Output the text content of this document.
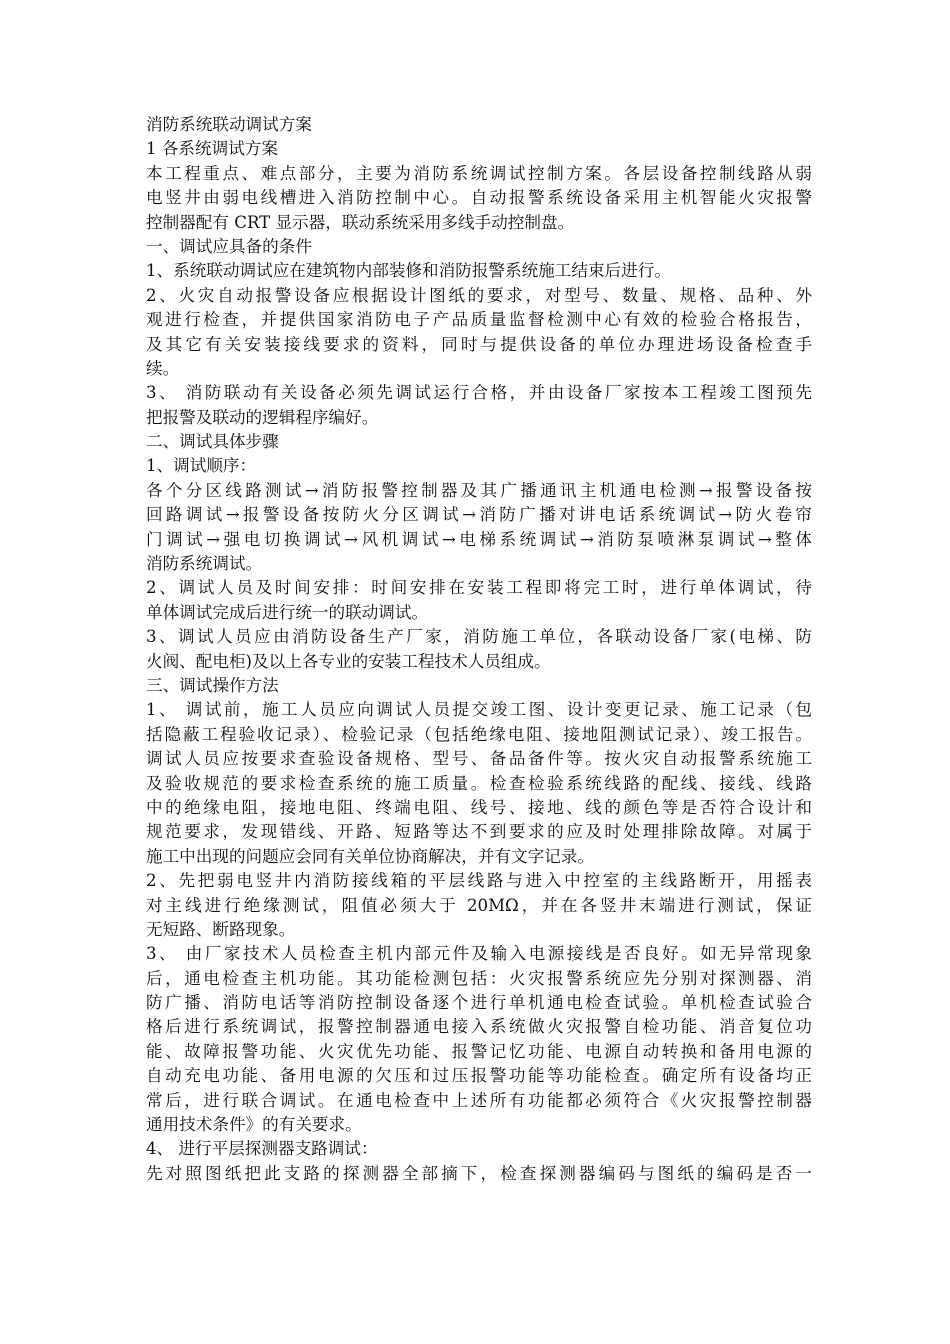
消防系统联动调试方案
1 各系统调试方案
本工程重点、难点部分，主要为消防系统调试控制方案。各层设备控制线路从弱
电竖井由弱电线槽进入消防控制中心。自动报警系统设备采用主机智能火灾报警
控制器配有 CRT 显示器，联动系统采用多线手动控制盘。
一、调试应具备的条件
1、系统联动调试应在建筑物内部装修和消防报警系统施工结束后进行。
2、火灾自动报警设备应根据设计图纸的要求，对型号、数量、规格、品种、外
观进行检查，并提供国家消防电子产品质量监督检测中心有效的检验合格报告，
及其它有关安装接线要求的资料，同时与提供设备的单位办理进场设备检查手
续。
3、 消防联动有关设备必须先调试运行合格，并由设备厂家按本工程竣工图预先
把报警及联动的逻辑程序编好。
二、调试具体步骤
1、调试顺序：
各个分区线路测试→消防报警控制器及其广播通讯主机通电检测→报警设备按
回路调试→报警设备按防火分区调试→消防广播对讲电话系统调试→防火卷帘
门调试→强电切换调试→风机调试→电梯系统调试→消防泵喷淋泵调试→整体
消防系统调试。
2、调试人员及时间安排：时间安排在安装工程即将完工时，进行单体调试，待
单体调试完成后进行统一的联动调试。
3、调试人员应由消防设备生产厂家，消防施工单位，各联动设备厂家(电梯、防
火阀、配电柜)及以上各专业的安装工程技术人员组成。
三、调试操作方法
1、 调试前，施工人员应向调试人员提交竣工图、设计变更记录、施工记录（包
括隐蔽工程验收记录）、检验记录（包括绝缘电阻、接地阻测试记录）、竣工报告。
调试人员应按要求查验设备规格、型号、备品备件等。按火灾自动报警系统施工
及验收规范的要求检查系统的施工质量。检查检验系统线路的配线、接线、线路
中的绝缘电阻，接地电阻、终端电阻、线号、接地、线的颜色等是否符合设计和
规范要求，发现错线、开路、短路等达不到要求的应及时处理排除故障。对属于
施工中出现的问题应会同有关单位协商解决，并有文字记录。
2、先把弱电竖井内消防接线箱的平层线路与进入中控室的主线路断开，用摇表
对主线进行绝缘测试，阻值必须大于 20MΩ，并在各竖井末端进行测试，保证
无短路、断路现象。
3、 由厂家技术人员检查主机内部元件及输入电源接线是否良好。如无异常现象
后，通电检查主机功能。其功能检测包括：火灾报警系统应先分别对探测器、消
防广播、消防电话等消防控制设备逐个进行单机通电检查试验。单机检查试验合
格后进行系统调试，报警控制器通电接入系统做火灾报警自检功能、消音复位功
能、故障报警功能、火灾优先功能、报警记忆功能、电源自动转换和备用电源的
自动充电功能、备用电源的欠压和过压报警功能等功能检查。确定所有设备均正
常后，进行联合调试。在通电检查中上述所有功能都必须符合《火灾报警控制器
通用技术条件》的有关要求。
4、 进行平层探测器支路调试：
先对照图纸把此支路的探测器全部摘下，检查探测器编码与图纸的编码是否一
